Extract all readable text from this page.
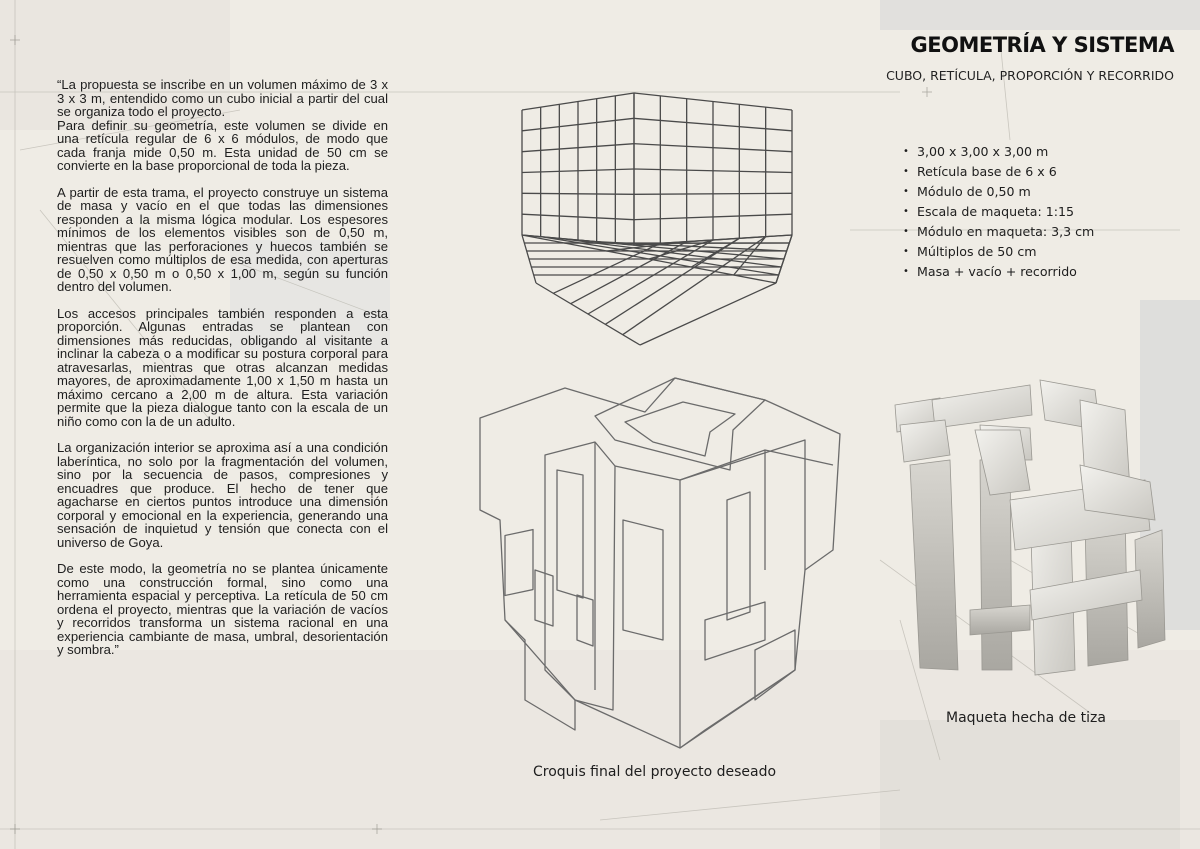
GEOMETRÍA Y SISTEMA
CUBO, RETÍCULA, PROPORCIÓN Y RECORRIDO

“La propuesta se inscribe en un volumen máximo de 3 x 3 x 3 m, entendido como un cubo inicial a partir del cual se organiza todo el proyecto.
Para definir su geometría, este volumen se divide en una retícula regular de 6 x 6 módulos, de modo que cada franja mide 0,50 m. Esta unidad de 50 cm se convierte en la base proporcional de toda la pieza.

A partir de esta trama, el proyecto construye un sistema de masa y vacío en el que todas las dimensiones responden a la misma lógica modular. Los espesores mínimos de los elementos visibles son de 0,50 m, mientras que las perforaciones y huecos también se resuelven como múltiplos de esa medida, con aperturas de 0,50 x 0,50 m o 0,50 x 1,00 m, según su función dentro del volumen.

Los accesos principales también responden a esta proporción. Algunas entradas se plantean con dimensiones más reducidas, obligando al visitante a inclinar la cabeza o a modificar su postura corporal para atravesarlas, mientras que otras alcanzan medidas mayores, de aproximadamente 1,00 x 1,50 m hasta un máximo cercano a 2,00 m de altura. Esta variación permite que la pieza dialogue tanto con la escala de un niño como con la de un adulto.

La organización interior se aproxima así a una condición laberíntica, no solo por la fragmentación del volumen, sino por la secuencia de pasos, compresiones y encuadres que produce. El hecho de tener que agacharse en ciertos puntos introduce una dimensión corporal y emocional en la experiencia, generando una sensación de inquietud y tensión que conecta con el universo de Goya.

De este modo, la geometría no se plantea únicamente como una construcción formal, sino como una herramienta espacial y perceptiva. La retícula de 50 cm ordena el proyecto, mientras que la variación de vacíos y recorridos transforma un sistema racional en una experiencia cambiante de masa, umbral, desorientación y sombra.”

• 3,00 x 3,00 x 3,00 m
• Retícula base de 6 x 6
• Módulo de 0,50 m
• Escala de maqueta: 1:15
• Módulo en maqueta: 3,3 cm
• Múltiplos de 50 cm
• Masa + vacío + recorrido
Croquis final del proyecto deseado
Maqueta hecha de tiza
